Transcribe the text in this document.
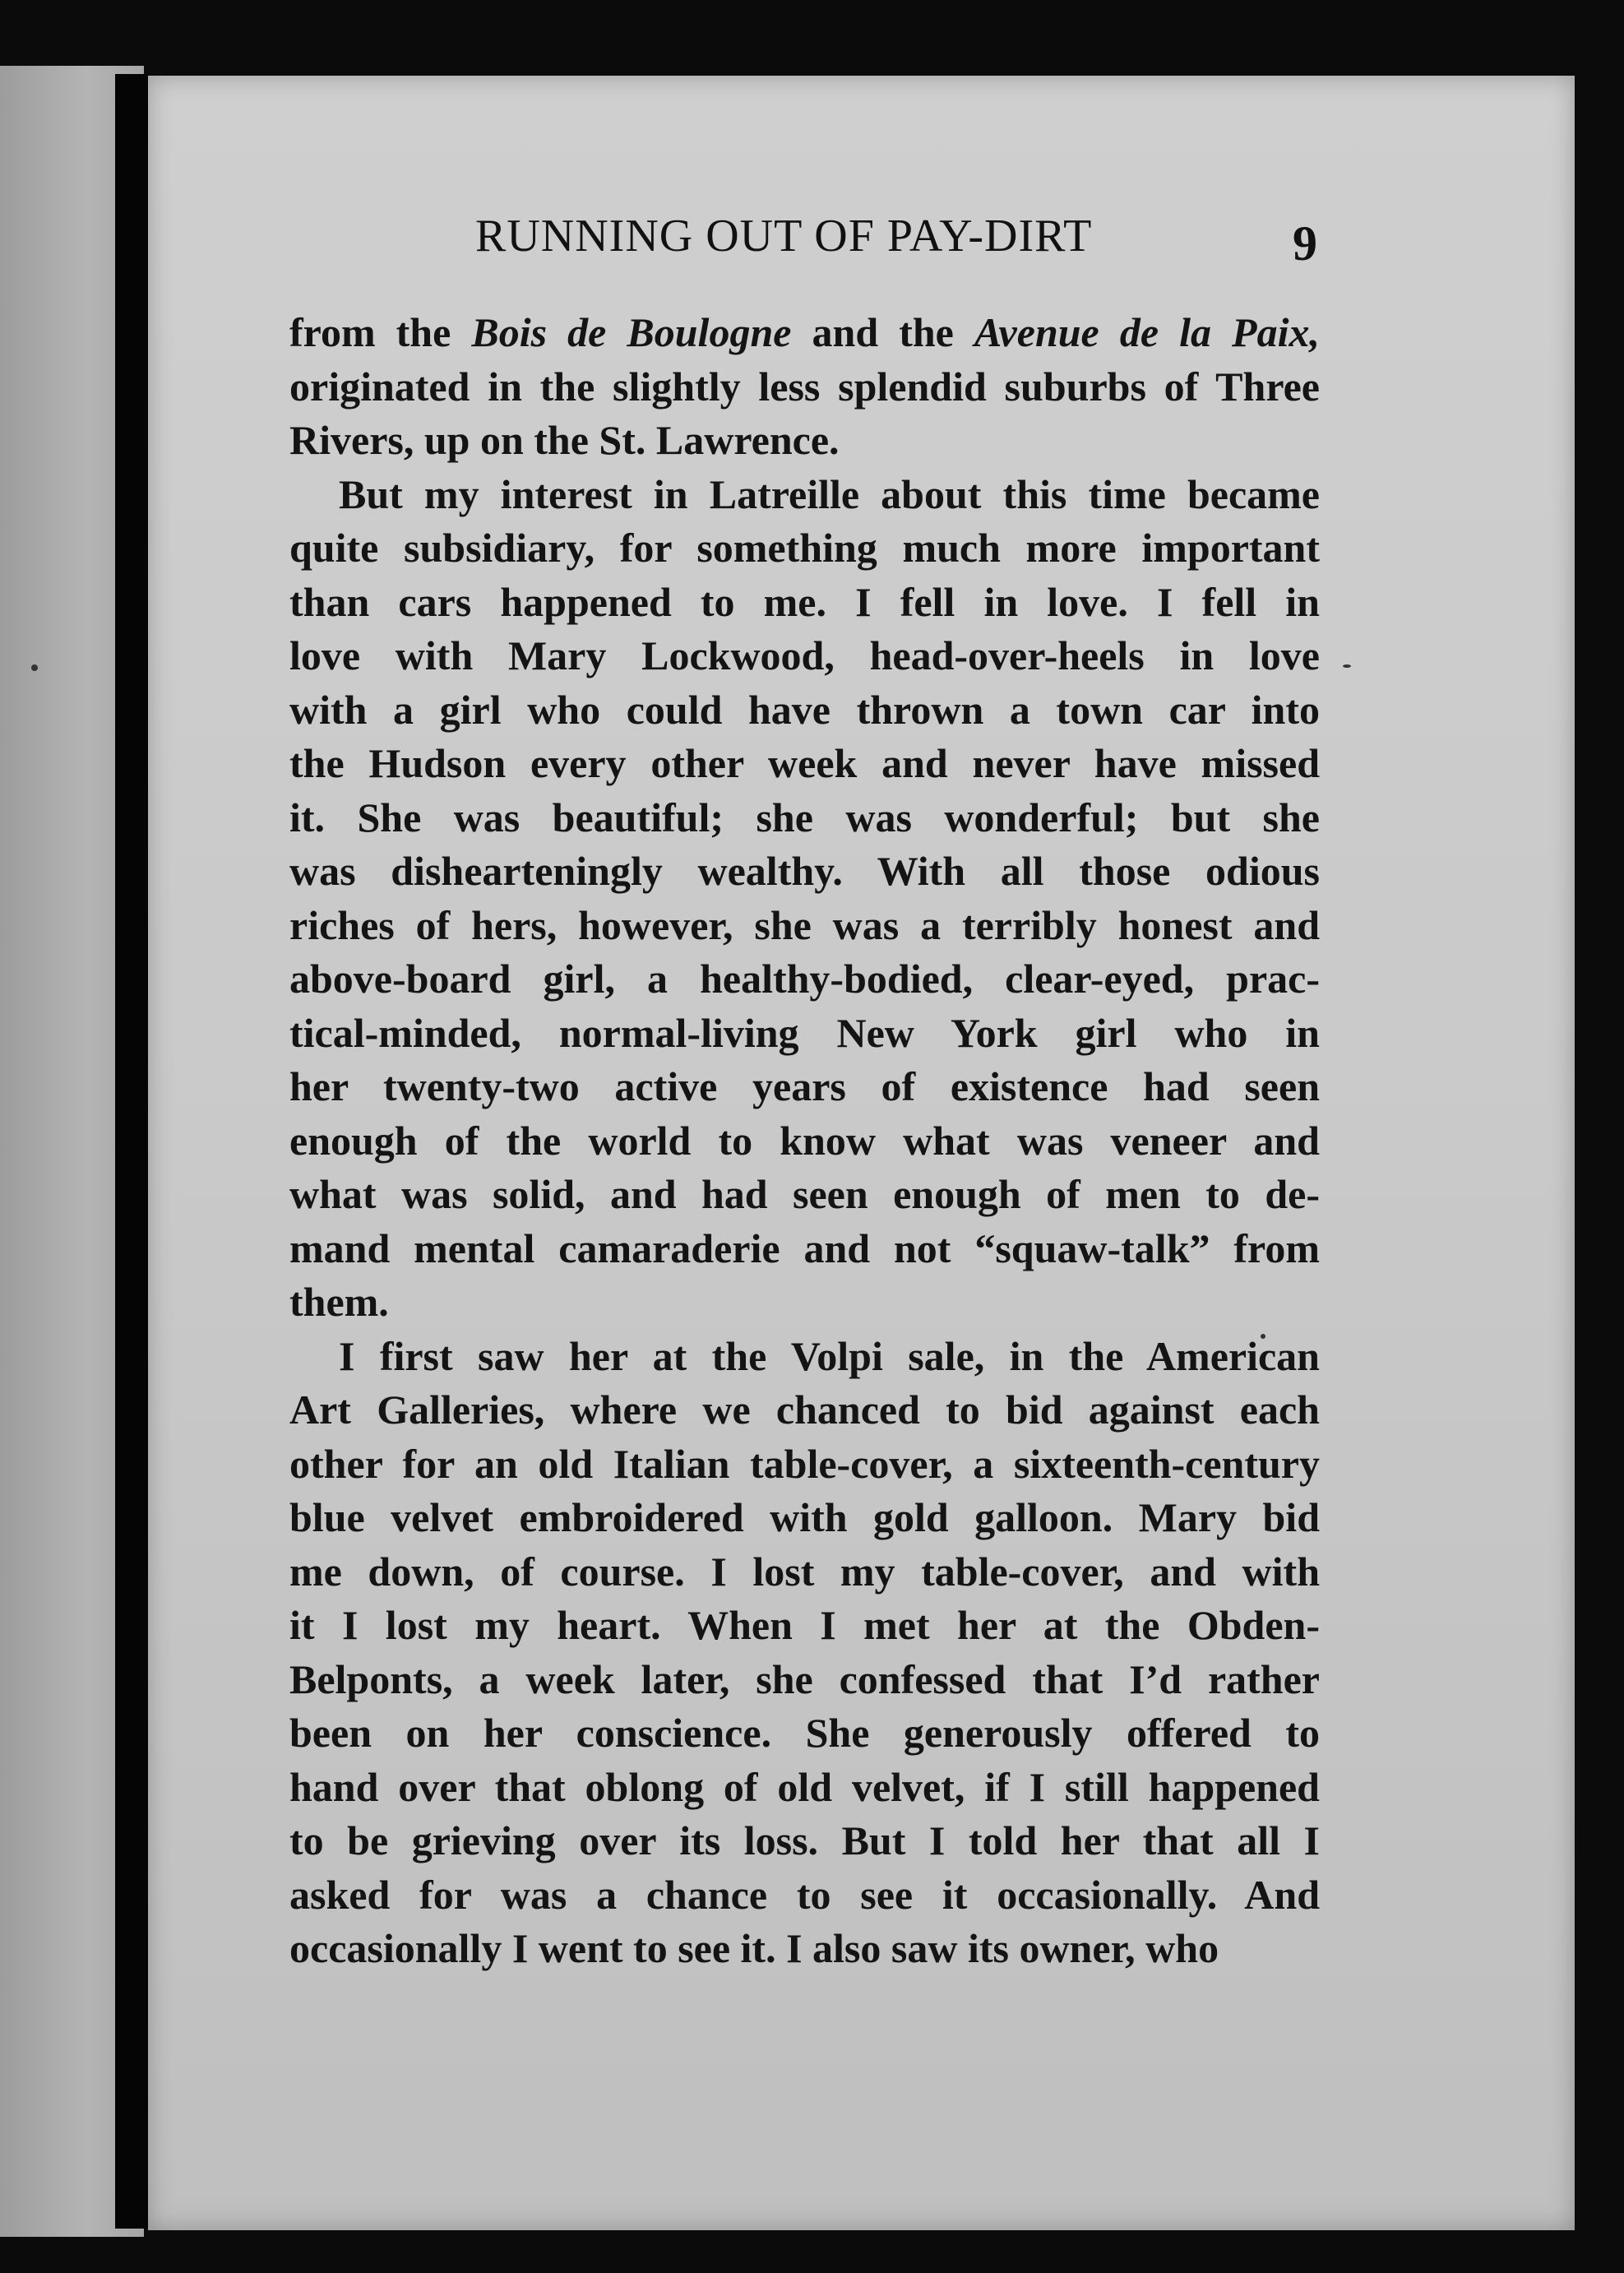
RUNNING OUT OF PAY-DIRT	9
from the Bois de Boulogne and the Avenue de la Paix,
originated in the slightly less splendid suburbs of Three
Rivers, up on the St. Lawrence.
But my interest in Latreille about this time became
quite subsidiary, for something much more important
than cars happened to me. I fell in love. I fell in
love with Mary Lockwood, head-over-heels in love
with a girl who could have thrown a town car into
the Hudson every other week and never have missed
it. She was beautiful; she was wonderful; but she
was dishearteningly wealthy. With all those odious
riches of hers, however, she was a terribly honest and
above-board girl, a healthy-bodied, clear-eyed, prac-
tical-minded, normal-living New York girl who in
her twenty-two active years of existence had seen
enough of the world to know what was veneer and
what was solid, and had seen enough of men to de-
mand mental camaraderie and not “squaw-talk” from
them.
I first saw her at the Volpi sale, in the American
Art Galleries, where we chanced to bid against each
other for an old Italian table-cover, a sixteenth-century
blue velvet embroidered with gold galloon. Mary bid
me down, of course. I lost my table-cover, and with
it I lost my heart. When I met her at the Obden-
Belponts, a week later, she confessed that I’d rather
been on her conscience. She generously offered to
hand over that oblong of old velvet, if I still happened
to be grieving over its loss. But I told her that all I
asked for was a chance to see it occasionally. And
occasionally I went to see it. I also saw its owner, who
